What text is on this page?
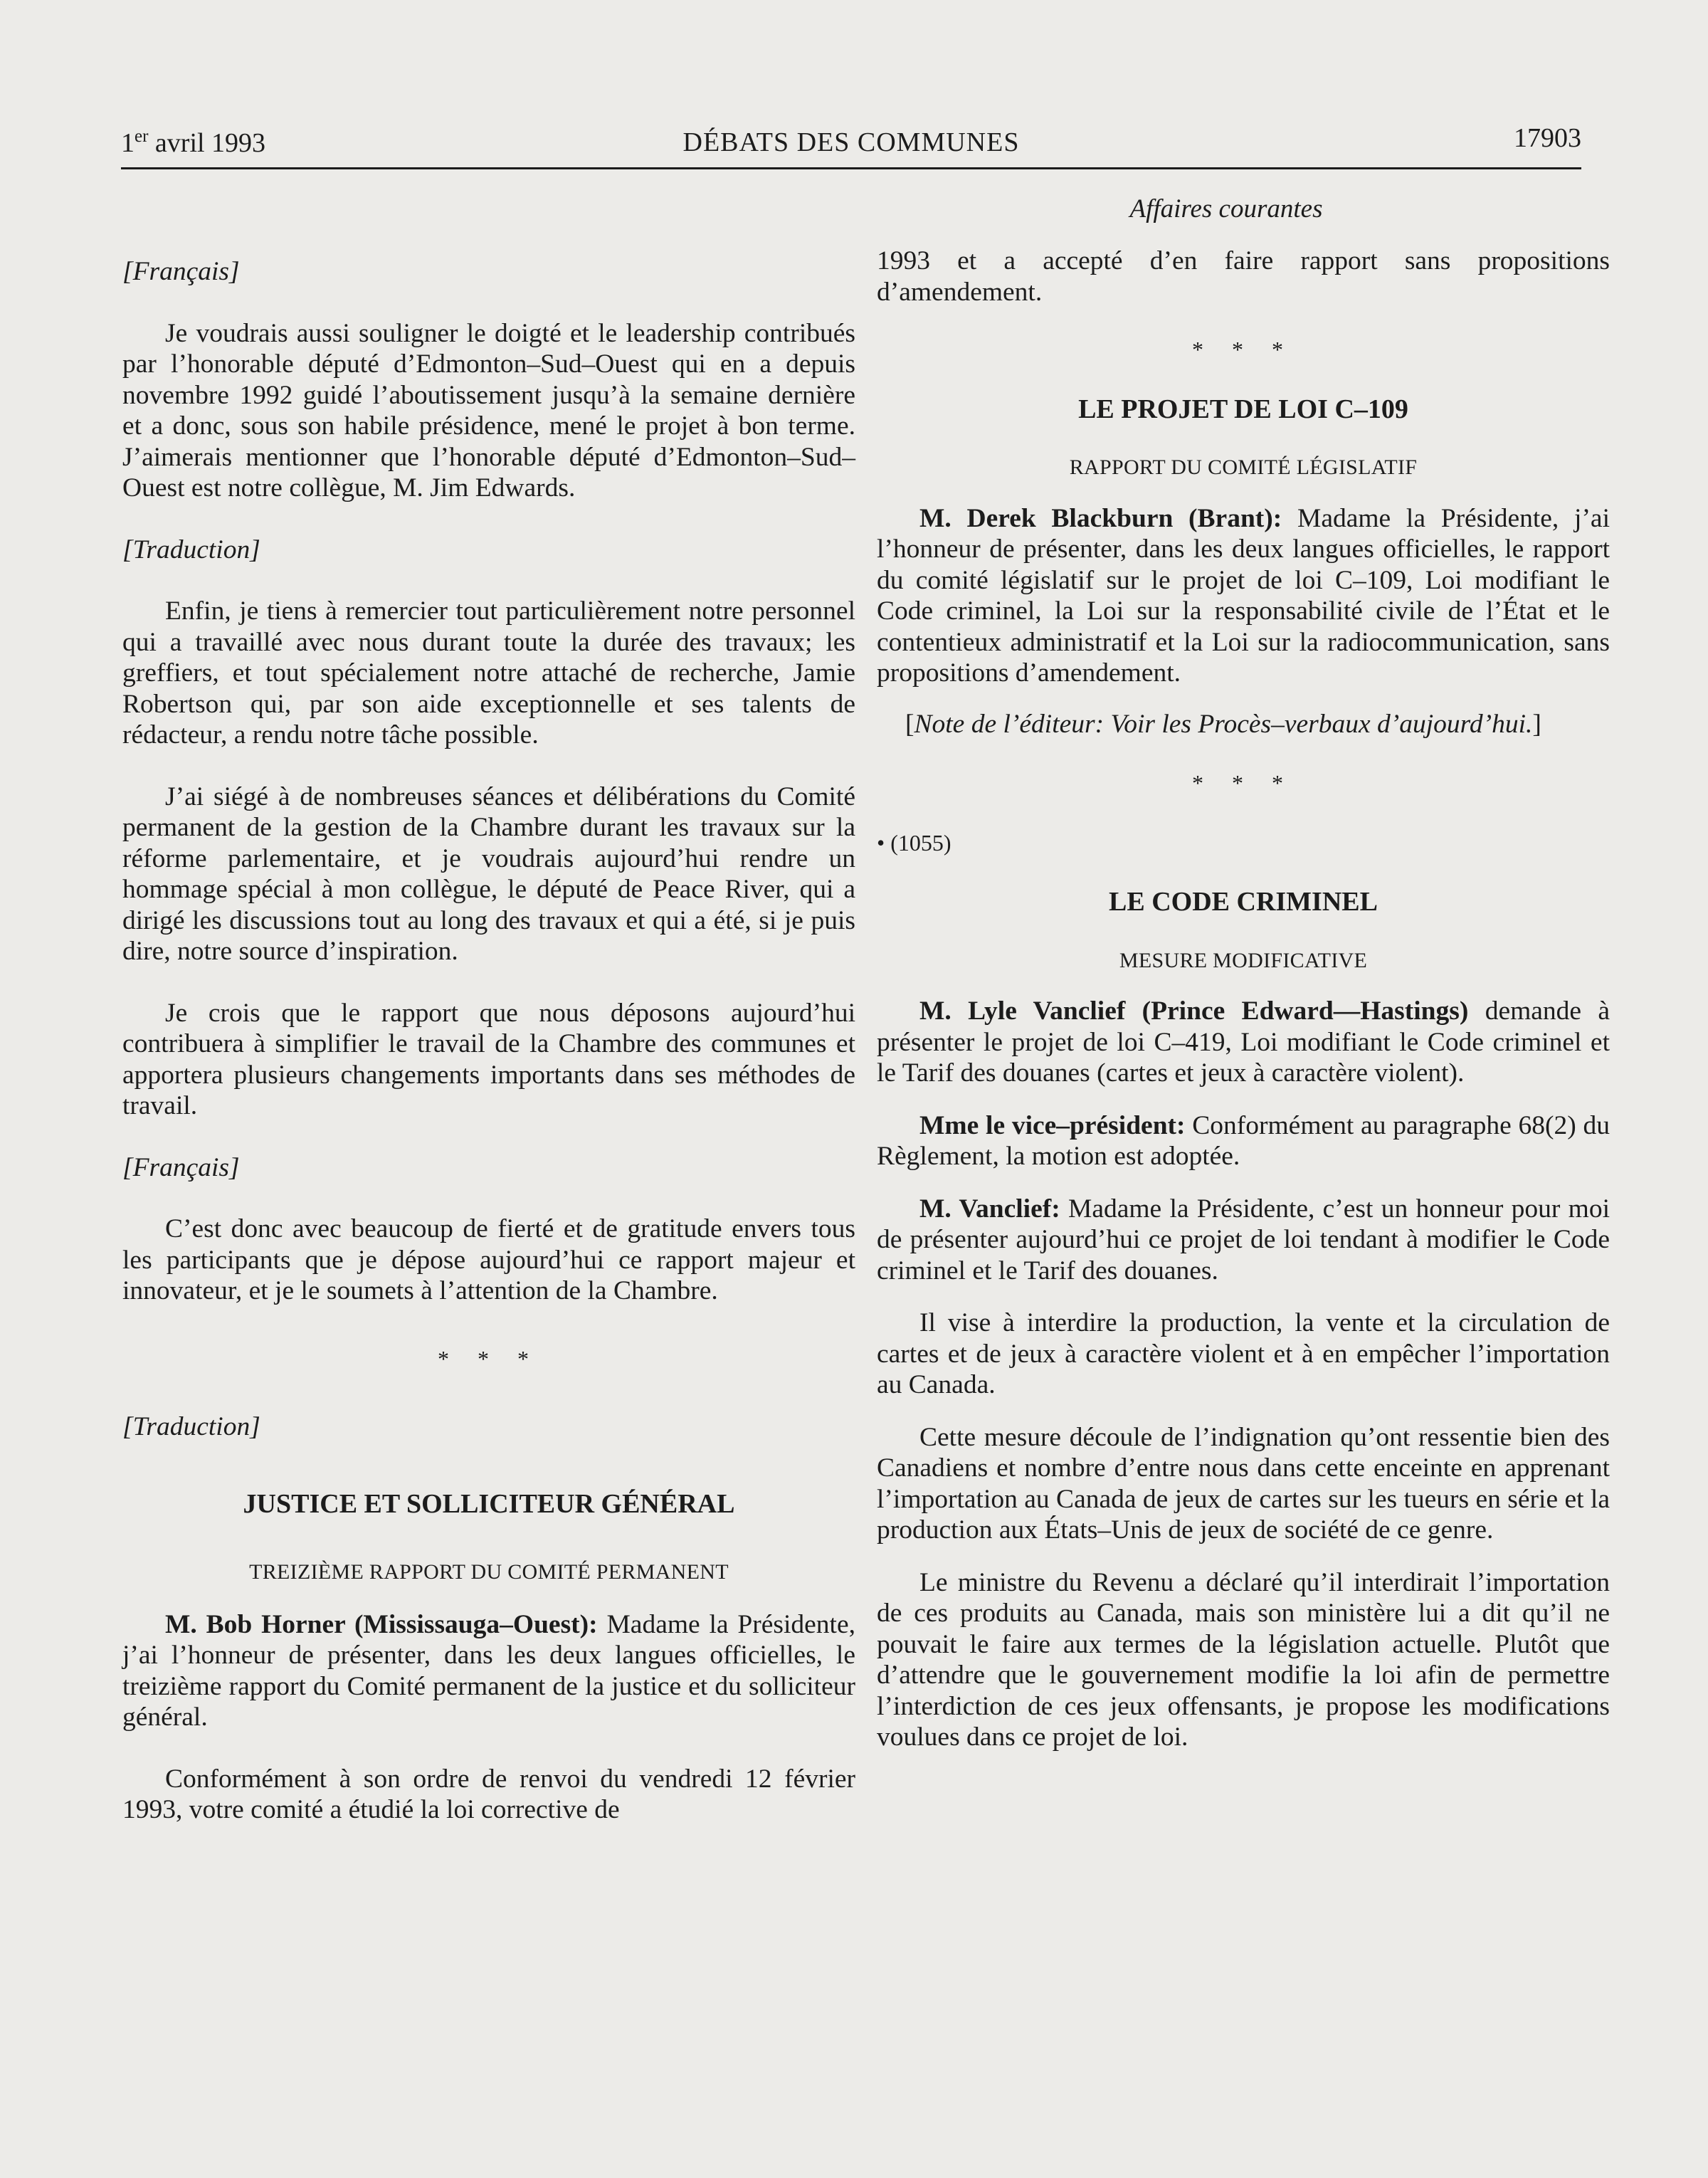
1er avril 1993	DÉBATS DES COMMUNES	17903
Affaires courantes

[Français]

Je voudrais aussi souligner le doigté et le leadership contribués par l’honorable député d’Edmonton–Sud–Ouest qui en a depuis novembre 1992 guidé l’aboutissement jusqu’à la semaine dernière et a donc, sous son habile présidence, mené le projet à bon terme. J’aimerais mentionner que l’honorable député d’Edmonton–Sud–Ouest est notre collègue, M. Jim Edwards.

[Traduction]

Enfin, je tiens à remercier tout particulièrement notre personnel qui a travaillé avec nous durant toute la durée des travaux; les greffiers, et tout spécialement notre attaché de recherche, Jamie Robertson qui, par son aide exceptionnelle et ses talents de rédacteur, a rendu notre tâche possible.

J’ai siégé à de nombreuses séances et délibérations du Comité permanent de la gestion de la Chambre durant les travaux sur la réforme parlementaire, et je voudrais aujourd’hui rendre un hommage spécial à mon collègue, le député de Peace River, qui a dirigé les discussions tout au long des travaux et qui a été, si je puis dire, notre source d’inspiration.

Je crois que le rapport que nous déposons aujourd’hui contribuera à simplifier le travail de la Chambre des communes et apportera plusieurs changements importants dans ses méthodes de travail.

[Français]

C’est donc avec beaucoup de fierté et de gratitude envers tous les participants que je dépose aujourd’hui ce rapport majeur et innovateur, et je le soumets à l’attention de la Chambre.

* * *

[Traduction]

JUSTICE ET SOLLICITEUR GÉNÉRAL

TREIZIÈME RAPPORT DU COMITÉ PERMANENT

M. Bob Horner (Mississauga–Ouest): Madame la Présidente, j’ai l’honneur de présenter, dans les deux langues officielles, le treizième rapport du Comité permanent de la justice et du solliciteur général.

Conformément à son ordre de renvoi du vendredi 12 février 1993, votre comité a étudié la loi corrective de

1993 et a accepté d’en faire rapport sans propositions d’amendement.

* * *

LE PROJET DE LOI C–109

RAPPORT DU COMITÉ LÉGISLATIF

M. Derek Blackburn (Brant): Madame la Présidente, j’ai l’honneur de présenter, dans les deux langues officielles, le rapport du comité législatif sur le projet de loi C–109, Loi modifiant le Code criminel, la Loi sur la responsabilité civile de l’État et le contentieux administratif et la Loi sur la radiocommunication, sans propositions d’amendement.

[Note de l’éditeur: Voir les Procès–verbaux d’aujourd’hui.]

* * *

• (1055)

LE CODE CRIMINEL

MESURE MODIFICATIVE

M. Lyle Vanclief (Prince Edward—Hastings) demande à présenter le projet de loi C–419, Loi modifiant le Code criminel et le Tarif des douanes (cartes et jeux à caractère violent).

Mme le vice–président: Conformément au paragraphe 68(2) du Règlement, la motion est adoptée.

M. Vanclief: Madame la Présidente, c’est un honneur pour moi de présenter aujourd’hui ce projet de loi tendant à modifier le Code criminel et le Tarif des douanes.

Il vise à interdire la production, la vente et la circulation de cartes et de jeux à caractère violent et à en empêcher l’importation au Canada.

Cette mesure découle de l’indignation qu’ont ressentie bien des Canadiens et nombre d’entre nous dans cette enceinte en apprenant l’importation au Canada de jeux de cartes sur les tueurs en série et la production aux États–Unis de jeux de société de ce genre.

Le ministre du Revenu a déclaré qu’il interdirait l’importation de ces produits au Canada, mais son ministère lui a dit qu’il ne pouvait le faire aux termes de la législation actuelle. Plutôt que d’attendre que le gouvernement modifie la loi afin de permettre l’interdiction de ces jeux offensants, je propose les modifications voulues dans ce projet de loi.
